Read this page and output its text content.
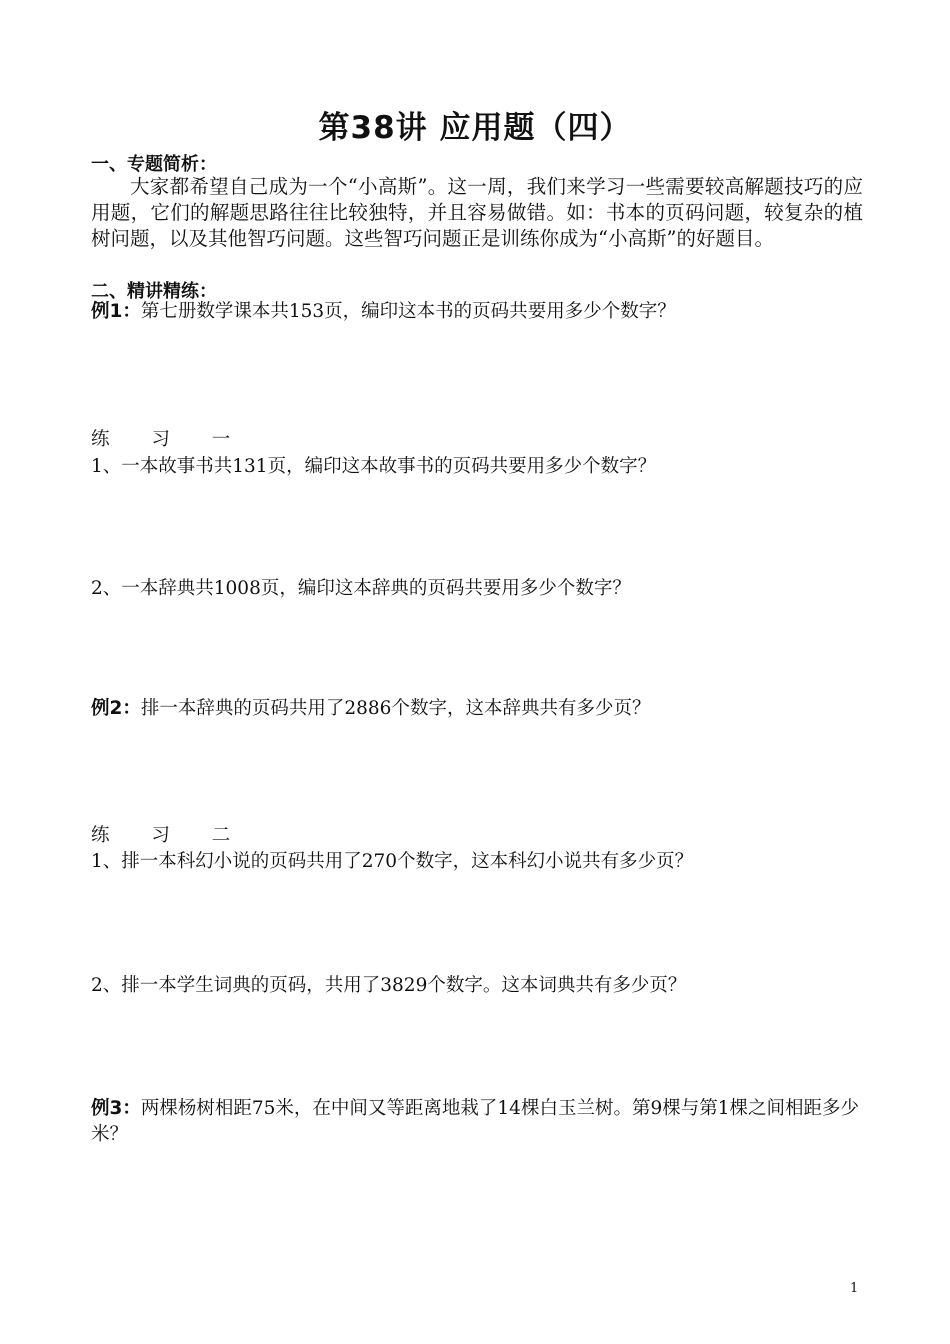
第38讲 应用题（四）
一、专题简析：
大家都希望自己成为一个“小高斯”。这一周，我们来学习一些需要较高解题技巧的应用题，它们的解题思路往往比较独特，并且容易做错。如：书本的页码问题，较复杂的植树问题，以及其他智巧问题。这些智巧问题正是训练你成为“小高斯”的好题目。
二、精讲精练：
例1：第七册数学课本共153页，编印这本书的页码共要用多少个数字？
练 习 一
1、一本故事书共131页，编印这本故事书的页码共要用多少个数字？
2、一本辞典共1008页，编印这本辞典的页码共要用多少个数字？
例2：排一本辞典的页码共用了2886个数字，这本辞典共有多少页？
练 习 二
1、排一本科幻小说的页码共用了270个数字，这本科幻小说共有多少页？
2、排一本学生词典的页码，共用了3829个数字。这本词典共有多少页？
例3：两棵杨树相距75米，在中间又等距离地栽了14棵白玉兰树。第9棵与第1棵之间相距多少米？
1
